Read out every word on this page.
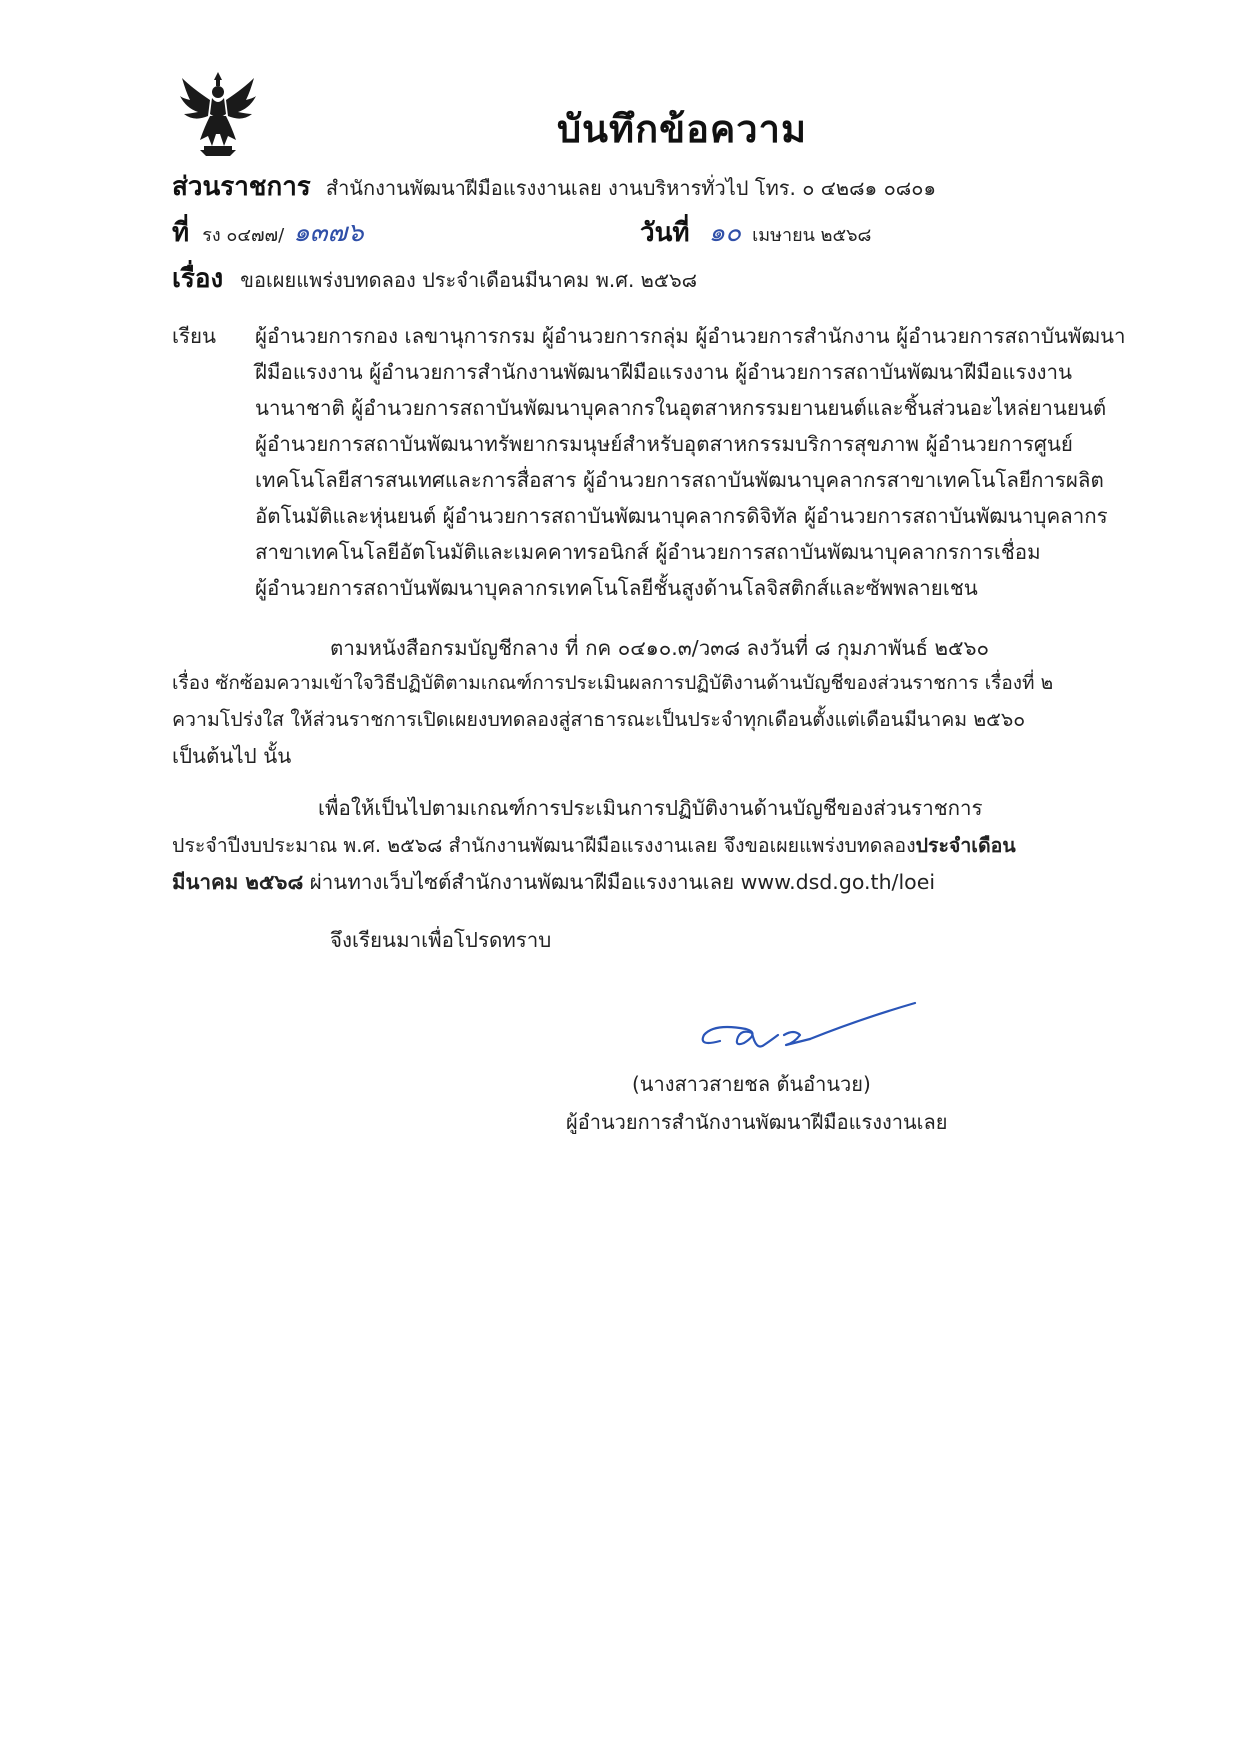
บันทึกข้อความ
ส่วนราชการ สำนักงานพัฒนาฝีมือแรงงานเลย งานบริหารทั่วไป โทร. ๐ ๔๒๘๑ ๐๘๐๑
ที่ รง ๐๔๗๗/ ๑๓๗๖	วันที่ ๑๐ เมษายน ๒๕๖๘
เรื่อง ขอเผยแพร่งบทดลอง ประจำเดือนมีนาคม พ.ศ. ๒๕๖๘
เรียน ผู้อำนวยการกอง เลขานุการกรม ผู้อำนวยการกลุ่ม ผู้อำนวยการสำนักงาน ผู้อำนวยการสถาบันพัฒนา
ฝีมือแรงงาน ผู้อำนวยการสำนักงานพัฒนาฝีมือแรงงาน ผู้อำนวยการสถาบันพัฒนาฝีมือแรงงาน
นานาชาติ ผู้อำนวยการสถาบันพัฒนาบุคลากรในอุตสาหกรรมยานยนต์และชิ้นส่วนอะไหล่ยานยนต์
ผู้อำนวยการสถาบันพัฒนาทรัพยากรมนุษย์สำหรับอุตสาหกรรมบริการสุขภาพ ผู้อำนวยการศูนย์
เทคโนโลยีสารสนเทศและการสื่อสาร ผู้อำนวยการสถาบันพัฒนาบุคลากรสาขาเทคโนโลยีการผลิต
อัตโนมัติและหุ่นยนต์ ผู้อำนวยการสถาบันพัฒนาบุคลากรดิจิทัล ผู้อำนวยการสถาบันพัฒนาบุคลากร
สาขาเทคโนโลยีอัตโนมัติและเมคคาทรอนิกส์ ผู้อำนวยการสถาบันพัฒนาบุคลากรการเชื่อม
ผู้อำนวยการสถาบันพัฒนาบุคลากรเทคโนโลยีชั้นสูงด้านโลจิสติกส์และซัพพลายเชน
ตามหนังสือกรมบัญชีกลาง ที่ กค ๐๔๑๐.๓/ว๓๘ ลงวันที่ ๘ กุมภาพันธ์ ๒๕๖๐
เรื่อง ซักซ้อมความเข้าใจวิธีปฏิบัติตามเกณฑ์การประเมินผลการปฏิบัติงานด้านบัญชีของส่วนราชการ เรื่องที่ ๒
ความโปร่งใส ให้ส่วนราชการเปิดเผยงบทดลองสู่สาธารณะเป็นประจำทุกเดือนตั้งแต่เดือนมีนาคม ๒๕๖๐
เป็นต้นไป นั้น
เพื่อให้เป็นไปตามเกณฑ์การประเมินการปฏิบัติงานด้านบัญชีของส่วนราชการ
ประจำปีงบประมาณ พ.ศ. ๒๕๖๘ สำนักงานพัฒนาฝีมือแรงงานเลย จึงขอเผยแพร่งบทดลองประจำเดือน
มีนาคม ๒๕๖๘ ผ่านทางเว็บไซต์สำนักงานพัฒนาฝีมือแรงงานเลย www.dsd.go.th/loei
จึงเรียนมาเพื่อโปรดทราบ
(นางสาวสายชล ต้นอำนวย)
ผู้อำนวยการสำนักงานพัฒนาฝีมือแรงงานเลย
